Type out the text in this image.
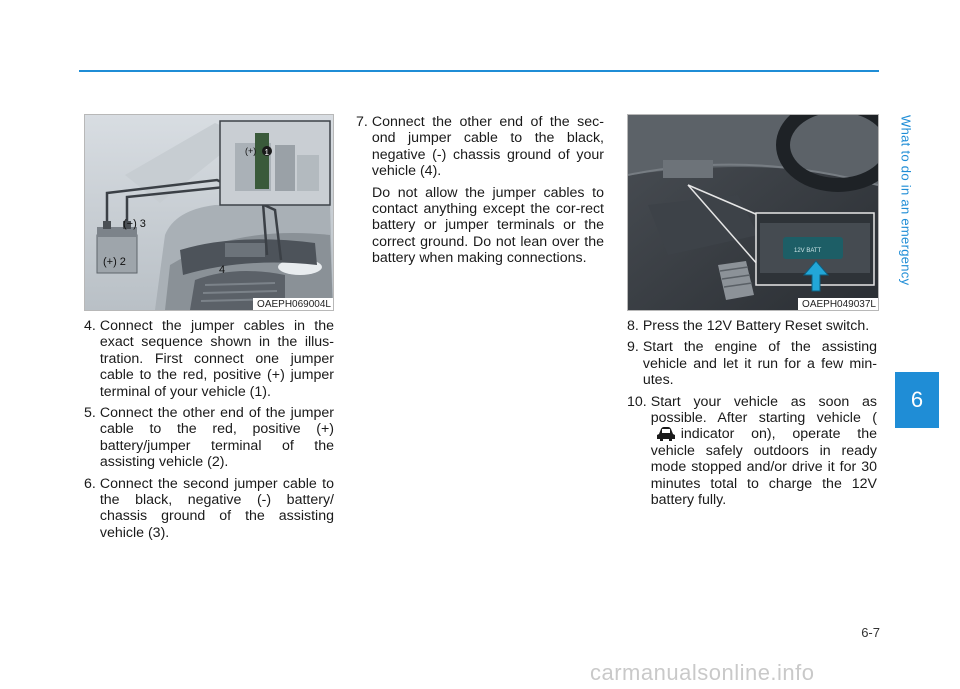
What to do in an emergency
6
1
(+)
(+) 2
(−) 3
4
OAEPH069004L
12V BATT
OAEPH049037L
4. Connect the jumper cables in the exact sequence shown in the illus-tration. First connect one jumper cable to the red, positive (+) jumper terminal of your vehicle (1).
5. Connect the other end of the jumper cable to the red, positive (+) battery/jumper terminal of the assisting vehicle (2).
6. Connect the second jumper cable to the black, negative (-) battery/ chassis ground of the assisting vehicle (3).
7. Connect the other end of the sec-ond jumper cable to the black, negative (-) chassis ground of your vehicle (4).
Do not allow the jumper cables to contact anything except the cor-rect battery or jumper terminals or the correct ground. Do not lean over the battery when making connections.
8. Press the 12V Battery Reset switch.
9. Start the engine of the assisting vehicle and let it run for a few min-utes.
10. Start your vehicle as soon as possible. After starting vehicle (indicator on), operate the vehicle safely outdoors in ready mode stopped and/or drive it for 30 minutes total to charge the 12V battery fully.
6-7
carmanualsonline.info
